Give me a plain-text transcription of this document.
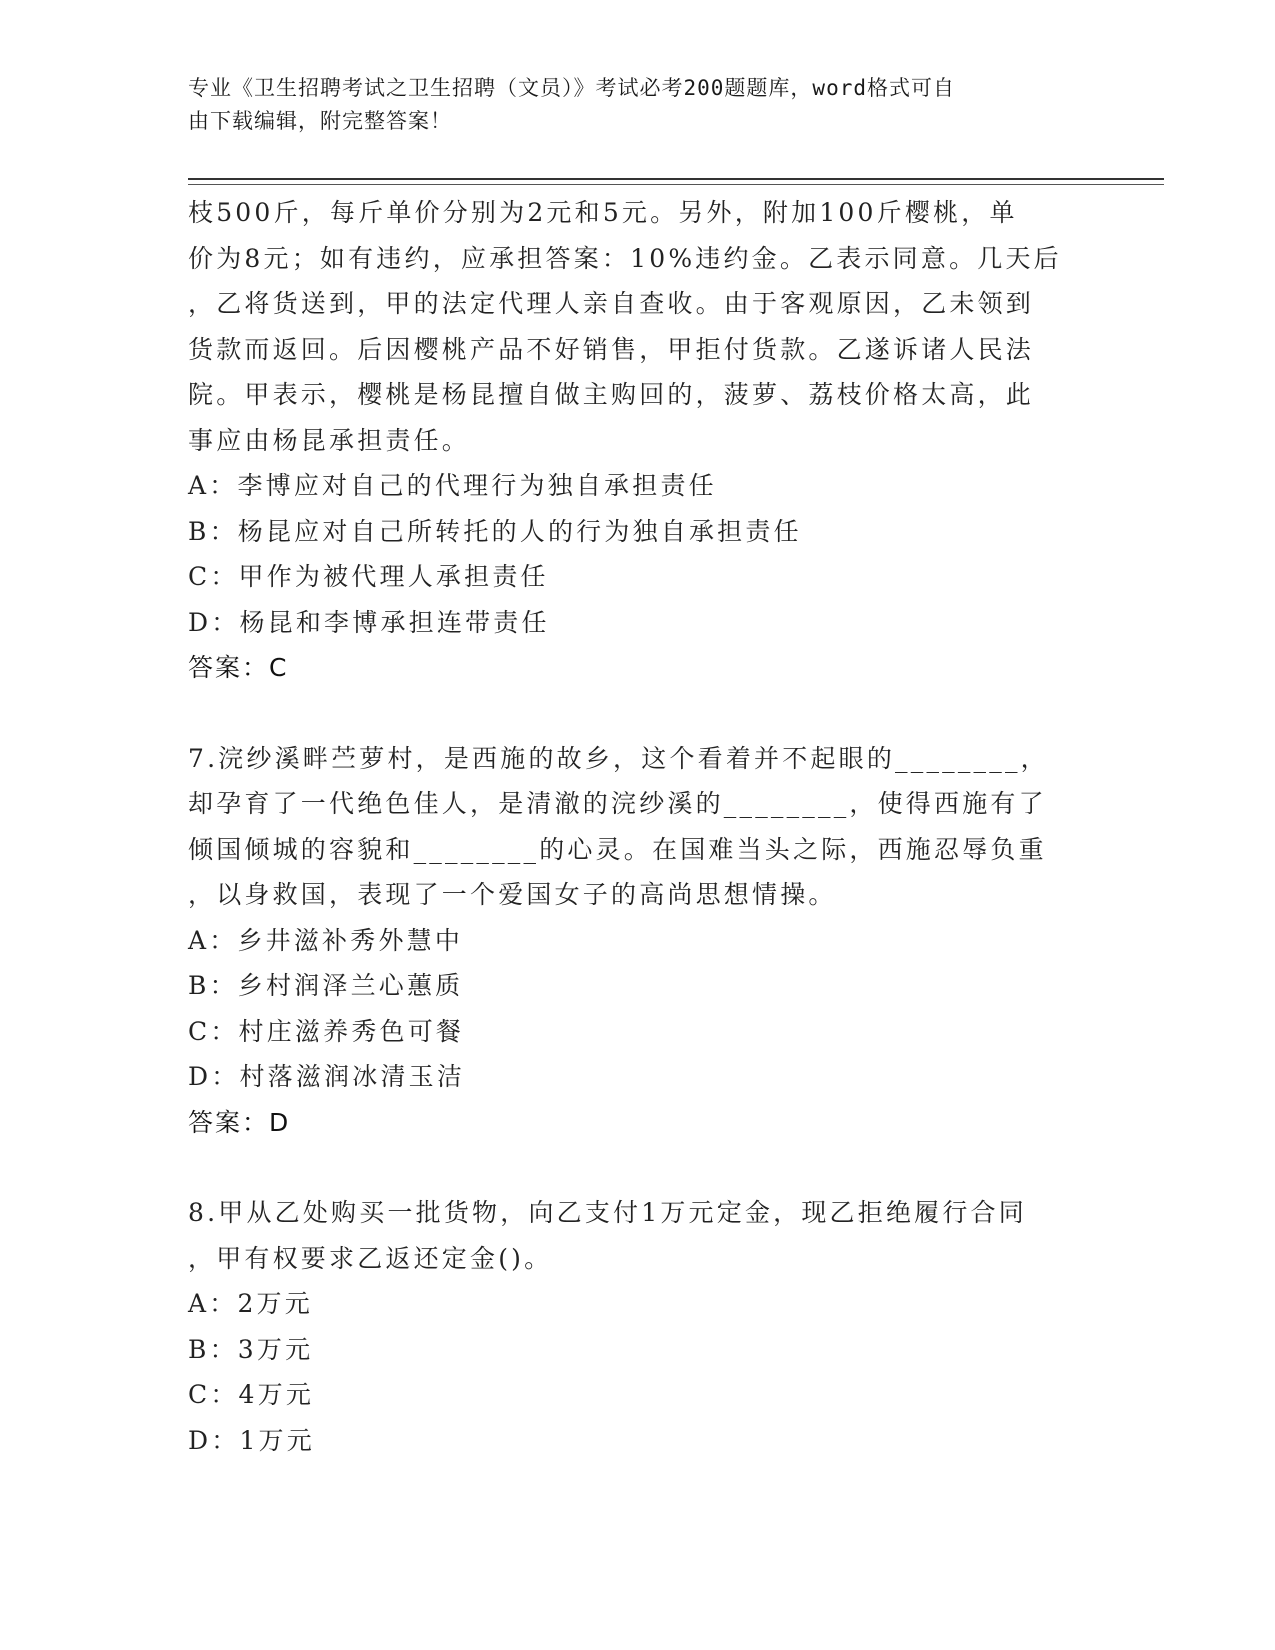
专业《卫生招聘考试之卫生招聘（文员）》考试必考200题题库，word格式可自
由下载编辑，附完整答案！
枝500斤，每斤单价分别为2元和5元。另外，附加100斤樱桃，单
价为8元；如有违约，应承担答案：10%违约金。乙表示同意。几天后
，乙将货送到，甲的法定代理人亲自查收。由于客观原因，乙未领到
货款而返回。后因樱桃产品不好销售，甲拒付货款。乙遂诉诸人民法
院。甲表示，樱桃是杨昆擅自做主购回的，菠萝、荔枝价格太高，此
事应由杨昆承担责任。
A：李博应对自己的代理行为独自承担责任
B：杨昆应对自己所转托的人的行为独自承担责任
C：甲作为被代理人承担责任
D：杨昆和李博承担连带责任
答案：C
7.浣纱溪畔苎萝村，是西施的故乡，这个看着并不起眼的________，
却孕育了一代绝色佳人，是清澈的浣纱溪的________，使得西施有了
倾国倾城的容貌和________的心灵。在国难当头之际，西施忍辱负重
，以身救国，表现了一个爱国女子的高尚思想情操。
A：乡井滋补秀外慧中
B：乡村润泽兰心蕙质
C：村庄滋养秀色可餐
D：村落滋润冰清玉洁
答案：D
8.甲从乙处购买一批货物，向乙支付1万元定金，现乙拒绝履行合同
，甲有权要求乙返还定金()。
A：2万元
B：3万元
C：4万元
D：1万元
